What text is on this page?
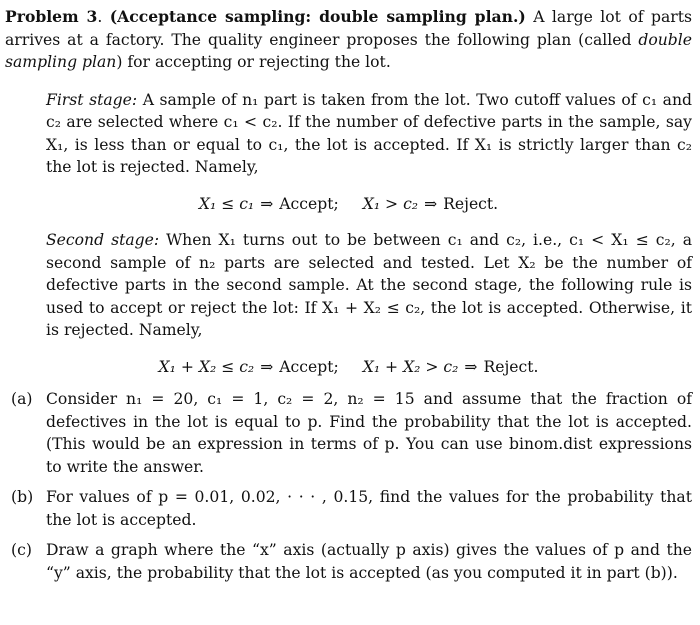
Problem 3. (Acceptance sampling: double sampling plan.) A large lot of parts arrives at a factory. The quality engineer proposes the following plan (called double sampling plan) for accepting or rejecting the lot.

First stage: A sample of n₁ part is taken from the lot. Two cutoff values of c₁ and c₂ are selected where c₁ < c₂. If the number of defective parts in the sample, say X₁, is less than or equal to c₁, the lot is accepted. If X₁ is strictly larger than c₂ the lot is rejected. Namely,

X₁ ≤ c₁ ⇒ Accept; X₁ > c₂ ⇒ Reject.

Second stage: When X₁ turns out to be between c₁ and c₂, i.e., c₁ < X₁ ≤ c₂, a second sample of n₂ parts are selected and tested. Let X₂ be the number of defective parts in the second sample. At the second stage, the following rule is used to accept or reject the lot: If X₁ + X₂ ≤ c₂, the lot is accepted. Otherwise, it is rejected. Namely,

X₁ + X₂ ≤ c₂ ⇒ Accept; X₁ + X₂ > c₂ ⇒ Reject.

(a) Consider n₁ = 20, c₁ = 1, c₂ = 2, n₂ = 15 and assume that the fraction of defectives in the lot is equal to p. Find the probability that the lot is accepted. (This would be an expression in terms of p. You can use binom.dist expressions to write the answer.

(b) For values of p = 0.01, 0.02, · · · , 0.15, find the values for the probability that the lot is accepted.

(c) Draw a graph where the “x” axis (actually p axis) gives the values of p and the “y” axis, the probability that the lot is accepted (as you computed it in part (b)).
